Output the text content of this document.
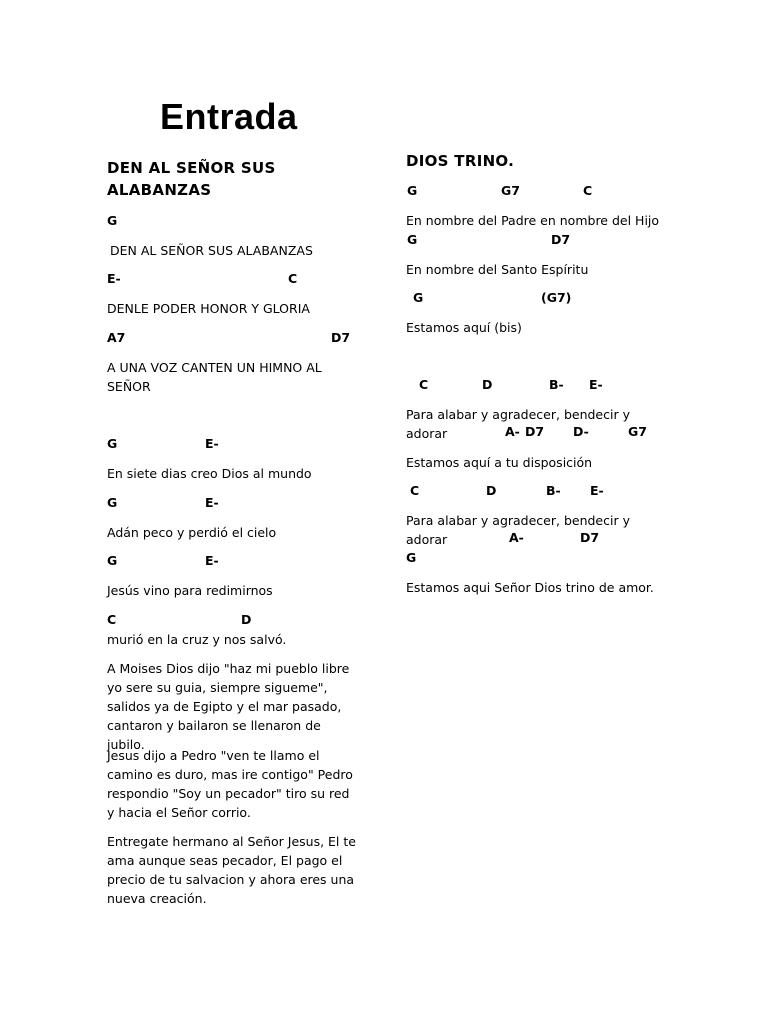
Entrada
DEN AL SEÑOR SUS ALABANZAS
G
DEN AL SEÑOR SUS ALABANZAS
E-	C
DENLE PODER HONOR Y GLORIA
A7	D7
A UNA VOZ CANTEN UN HIMNO AL
SEÑOR
G	E-
En siete dias creo Dios al mundo
G	E-
Adán peco y perdió el cielo
G	E-
Jesús vino para redimirnos
C	D
murió en la cruz y nos salvó.
A Moises Dios dijo "haz mi pueblo libre yo sere su guia, siempre sigueme", salidos ya de Egipto y el mar pasado, cantaron y bailaron se llenaron de jubilo.
Jesus dijo a Pedro "ven te llamo el camino es duro, mas ire contigo" Pedro respondio "Soy un pecador" tiro su red y hacia el Señor corrio.
Entregate hermano al Señor Jesus, El te ama aunque seas pecador, El pago el precio de tu salvacion y ahora eres una nueva creación.
DIOS TRINO.
G	G7	C
En nombre del Padre en nombre del Hijo
G	D7
En nombre del Santo Espíritu
G	(G7)
Estamos aquí (bis)
C	D	B- E-
Para alabar y agradecer, bendecir y
adorar	A- D7 D-	G7
Estamos aquí a tu disposición
C	D	B- E-
Para alabar y agradecer, bendecir y
adorar	A-	D7
G
Estamos aqui Señor Dios trino de amor.
